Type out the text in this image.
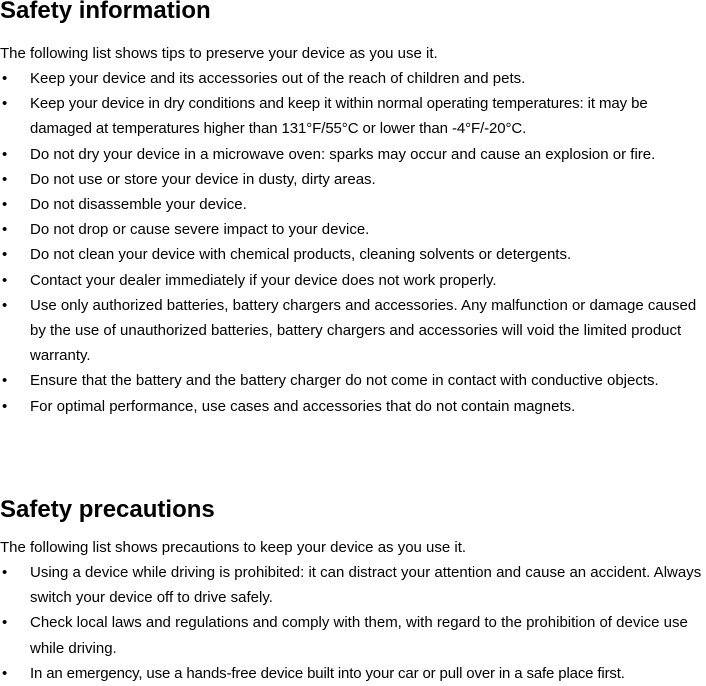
Safety information

The following list shows tips to preserve your device as you use it.

• Keep your device and its accessories out of the reach of children and pets.
• Keep your device in dry conditions and keep it within normal operating temperatures: it may be damaged at temperatures higher than 131°F/55°C or lower than -4°F/-20°C.
• Do not dry your device in a microwave oven: sparks may occur and cause an explosion or fire.
• Do not use or store your device in dusty, dirty areas.
• Do not disassemble your device.
• Do not drop or cause severe impact to your device.
• Do not clean your device with chemical products, cleaning solvents or detergents.
• Contact your dealer immediately if your device does not work properly.
• Use only authorized batteries, battery chargers and accessories. Any malfunction or damage caused by the use of unauthorized batteries, battery chargers and accessories will void the limited product warranty.
• Ensure that the battery and the battery charger do not come in contact with conductive objects.
• For optimal performance, use cases and accessories that do not contain magnets.
Safety precautions

The following list shows precautions to keep your device as you use it.

• Using a device while driving is prohibited: it can distract your attention and cause an accident. Always switch your device off to drive safely.
• Check local laws and regulations and comply with them, with regard to the prohibition of device use while driving.
• In an emergency, use a hands-free device built into your car or pull over in a safe place first.
